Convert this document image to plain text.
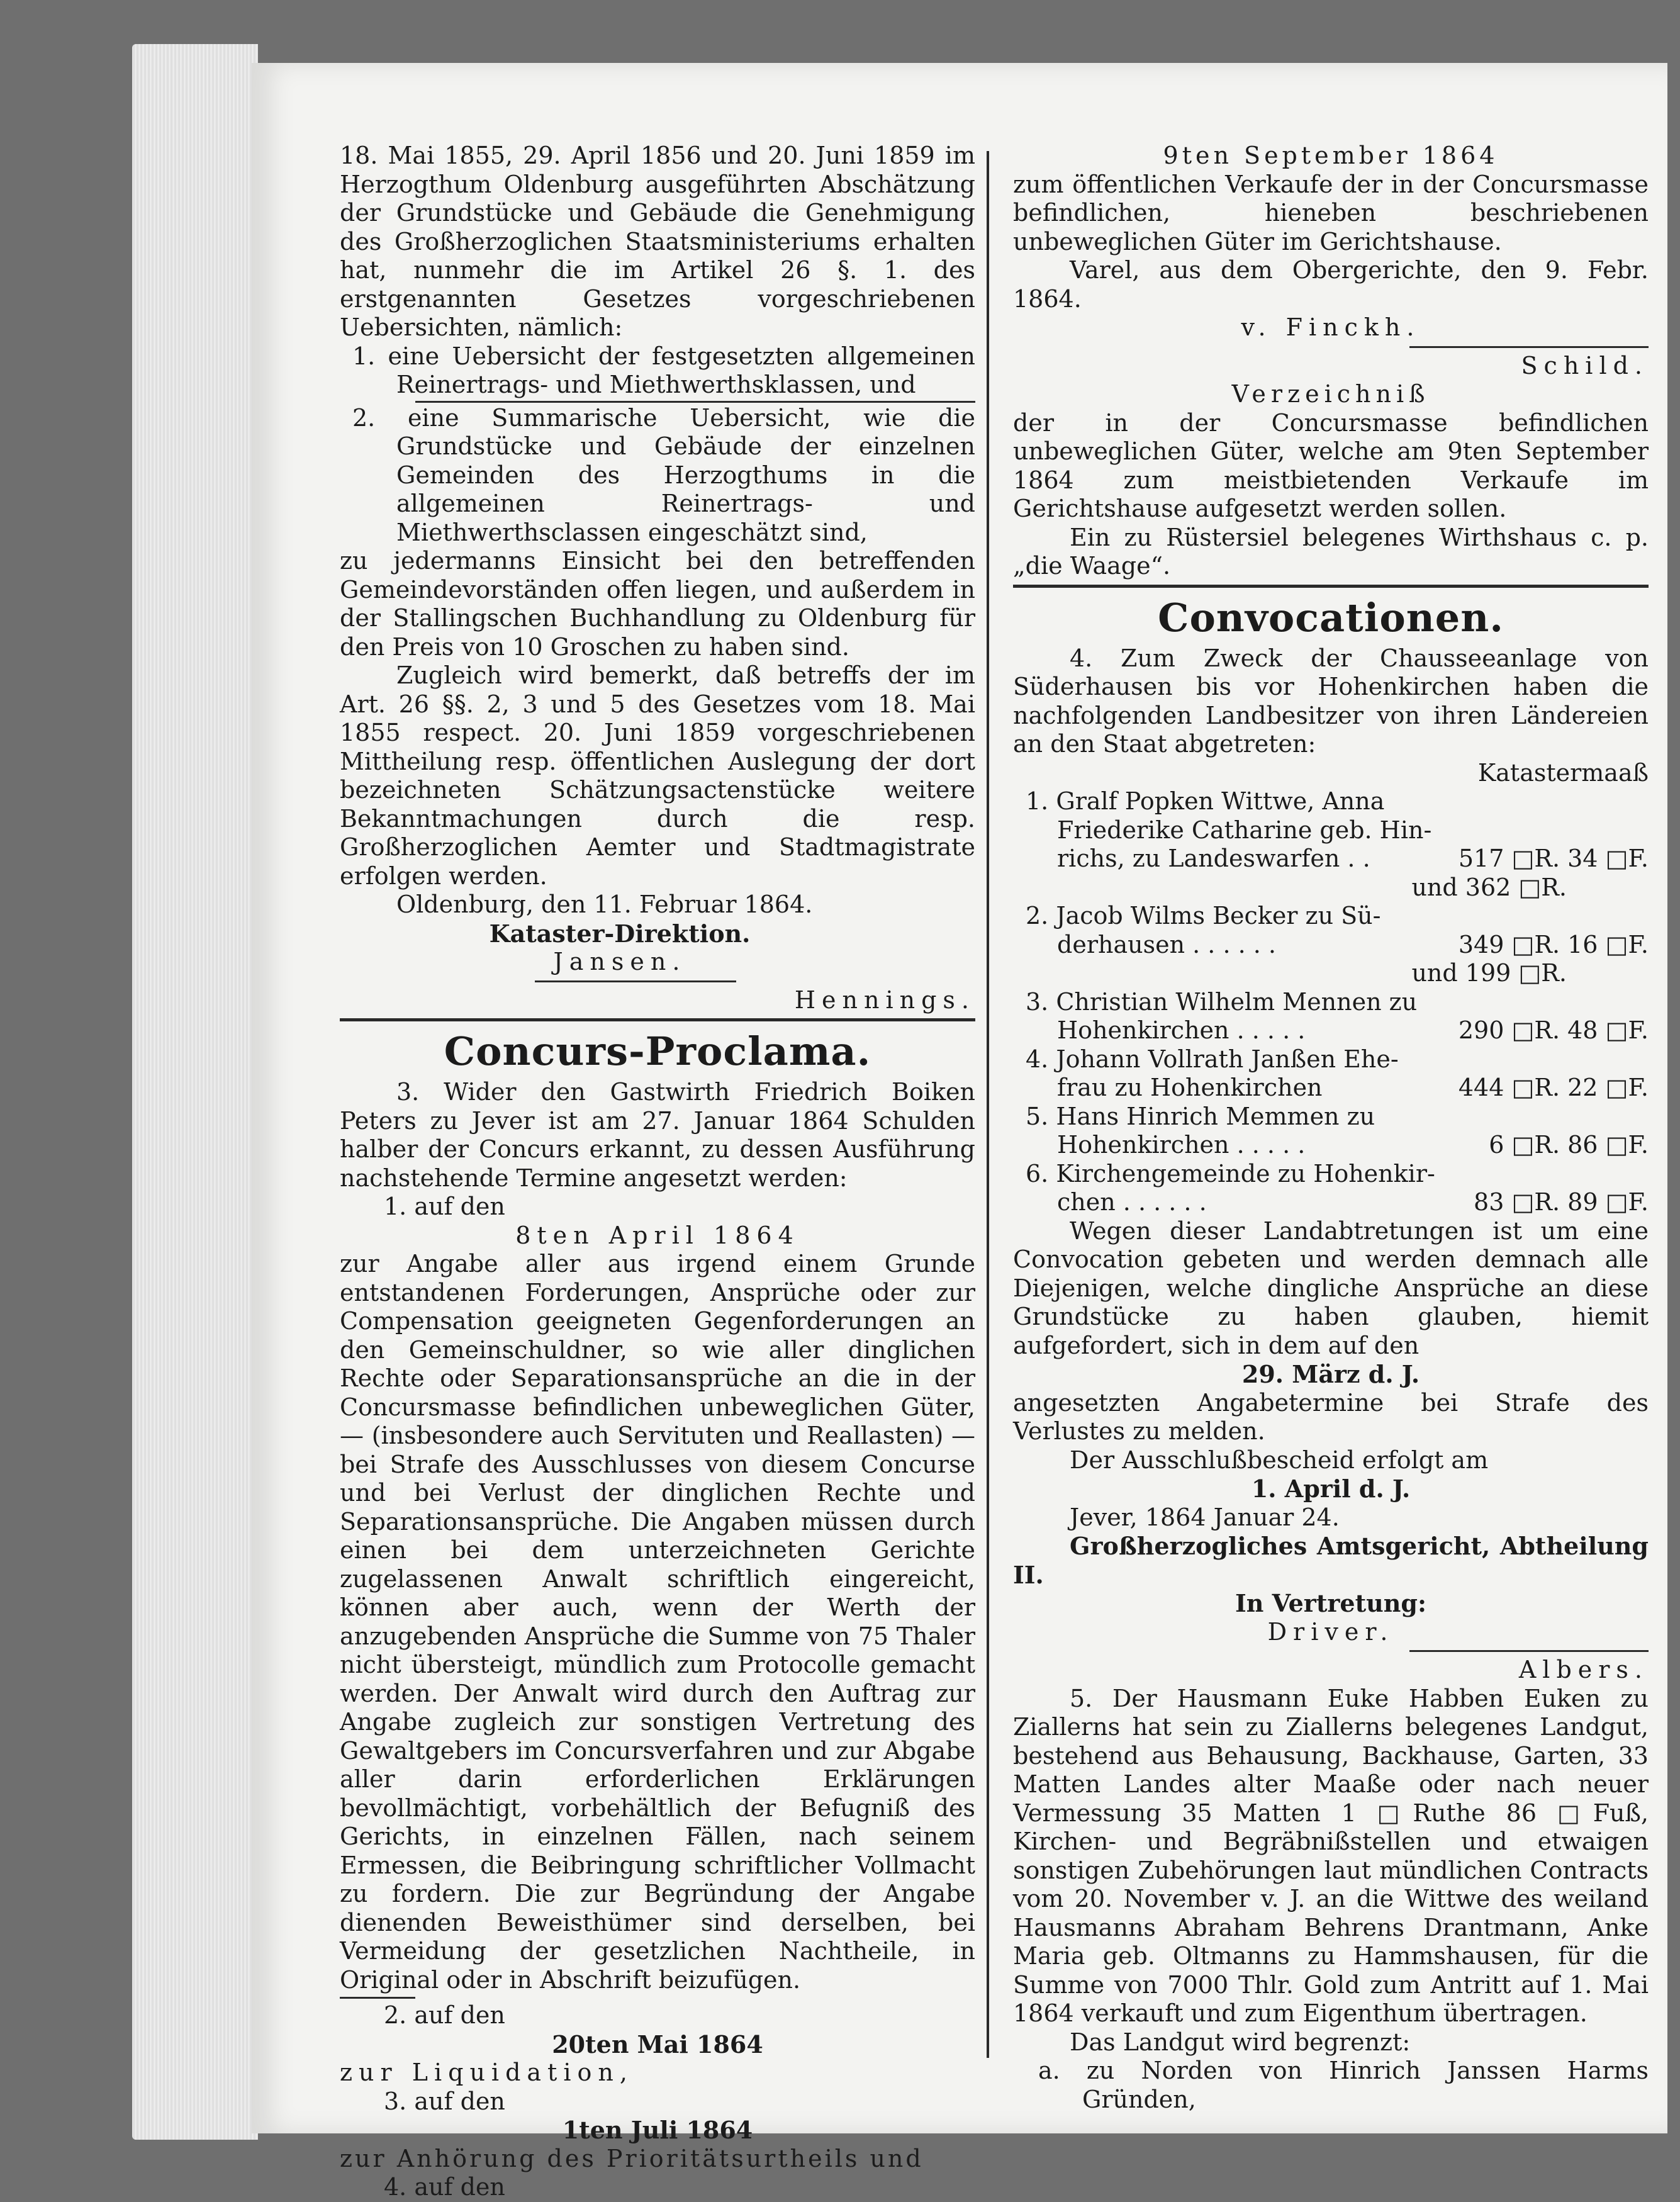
18. Mai 1855, 29. April 1856 und 20. Juni 1859 im Herzogthum Oldenburg ausgeführten Abschätzung der Grundstücke und Gebäude die Genehmigung des Großherzoglichen Staatsministeriums erhalten hat, nunmehr die im Artikel 26 §. 1. des erstgenannten Gesetzes vorgeschriebenen Uebersichten, nämlich:

1. eine Uebersicht der festgesetzten allgemeinen Reinertrags- und Miethwerthsklassen, und

2. eine Summarische Uebersicht, wie die Grundstücke und Gebäude der einzelnen Gemeinden des Herzogthums in die allgemeinen Reinertrags- und Miethwerthsclassen eingeschätzt sind,

zu jedermanns Einsicht bei den betreffenden Gemeindevorständen offen liegen, und außerdem in der Stallingschen Buchhandlung zu Oldenburg für den Preis von 10 Groschen zu haben sind.

Zugleich wird bemerkt, daß betreffs der im Art. 26 §§. 2, 3 und 5 des Gesetzes vom 18. Mai 1855 respect. 20. Juni 1859 vorgeschriebenen Mittheilung resp. öffentlichen Auslegung der dort bezeichneten Schätzungsactenstücke weitere Bekanntmachungen durch die resp. Großherzoglichen Aemter und Stadtmagistrate erfolgen werden.

Oldenburg, den 11. Februar 1864.

Kataster-Direktion.

Jansen.

Hennings.

Concurs-Proclama.

3. Wider den Gastwirth Friedrich Boiken Peters zu Jever ist am 27. Januar 1864 Schulden halber der Concurs erkannt, zu dessen Ausführung nachstehende Termine angesetzt werden:

1. auf den

8ten April 1864

zur Angabe aller aus irgend einem Grunde entstandenen Forderungen, Ansprüche oder zur Compensation geeigneten Gegenforderungen an den Gemeinschuldner, so wie aller dinglichen Rechte oder Separationsansprüche an die in der Concursmasse befindlichen unbeweglichen Güter, — (insbesondere auch Servituten und Reallasten) — bei Strafe des Ausschlusses von diesem Concurse und bei Verlust der dinglichen Rechte und Separationsansprüche. Die Angaben müssen durch einen bei dem unterzeichneten Gerichte zugelassenen Anwalt schriftlich eingereicht, können aber auch, wenn der Werth der anzugebenden Ansprüche die Summe von 75 Thaler nicht übersteigt, mündlich zum Protocolle gemacht werden. Der Anwalt wird durch den Auftrag zur Angabe zugleich zur sonstigen Vertretung des Gewaltgebers im Concursverfahren und zur Abgabe aller darin erforderlichen Erklärungen bevollmächtigt, vorbehältlich der Befugniß des Gerichts, in einzelnen Fällen, nach seinem Ermessen, die Beibringung schriftlicher Vollmacht zu fordern. Die zur Begründung der Angabe dienenden Beweisthümer sind derselben, bei Vermeidung der gesetzlichen Nachtheile, in Original oder in Abschrift beizufügen.

2. auf den

20ten Mai 1864

zur Liquidation,

3. auf den

1ten Juli 1864

zur Anhörung des Prioritätsurtheils und

4. auf den

9ten September 1864

zum öffentlichen Verkaufe der in der Concursmasse befindlichen, hieneben beschriebenen unbeweglichen Güter im Gerichtshause.

Varel, aus dem Obergerichte, den 9. Febr. 1864.

v. Finckh.

Schild.

Verzeichniß

der in der Concursmasse befindlichen unbeweglichen Güter, welche am 9ten September 1864 zum meistbietenden Verkaufe im Gerichtshause aufgesetzt werden sollen.

Ein zu Rüstersiel belegenes Wirthshaus c. p. „die Waage“.

Convocationen.

4. Zum Zweck der Chausseeanlage von Süderhausen bis vor Hohenkirchen haben die nachfolgenden Landbesitzer von ihren Ländereien an den Staat abgetreten:

Katastermaaß

1. Gralf Popken Wittwe, Anna
Friederike Catharine geb. Hin-
richs, zu Landeswarfen . .	517 □R. 34 □F.
und 362 □R.
2. Jacob Wilms Becker zu Sü-
derhausen . . . . . .	349 □R. 16 □F.
und 199 □R.
3. Christian Wilhelm Mennen zu
Hohenkirchen . . . . .	290 □R. 48 □F.
4. Johann Vollrath Janßen Ehe-
frau zu Hohenkirchen	444 □R. 22 □F.
5. Hans Hinrich Memmen zu
Hohenkirchen . . . . .	6 □R. 86 □F.
6. Kirchengemeinde zu Hohenkir-
chen . . . . . .	83 □R. 89 □F.

Wegen dieser Landabtretungen ist um eine Convocation gebeten und werden demnach alle Diejenigen, welche dingliche Ansprüche an diese Grundstücke zu haben glauben, hiemit aufgefordert, sich in dem auf den

29. März d. J.

angesetzten Angabetermine bei Strafe des Verlustes zu melden.

Der Ausschlußbescheid erfolgt am

1. April d. J.

Jever, 1864 Januar 24.

Großherzogliches Amtsgericht, Abtheilung II.

In Vertretung:

Driver.

Albers.

5. Der Hausmann Euke Habben Euken zu Ziallerns hat sein zu Ziallerns belegenes Landgut, bestehend aus Behausung, Backhause, Garten, 33 Matten Landes alter Maaße oder nach neuer Vermessung 35 Matten 1 □Ruthe 86 □Fuß, Kirchen- und Begräbnißstellen und etwaigen sonstigen Zubehörungen laut mündlichen Contracts vom 20. November v. J. an die Wittwe des weiland Hausmanns Abraham Behrens Drantmann, Anke Maria geb. Oltmanns zu Hammshausen, für die Summe von 7000 Thlr. Gold zum Antritt auf 1. Mai 1864 verkauft und zum Eigenthum übertragen.

Das Landgut wird begrenzt:

a. zu Norden von Hinrich Janssen Harms Gründen,
